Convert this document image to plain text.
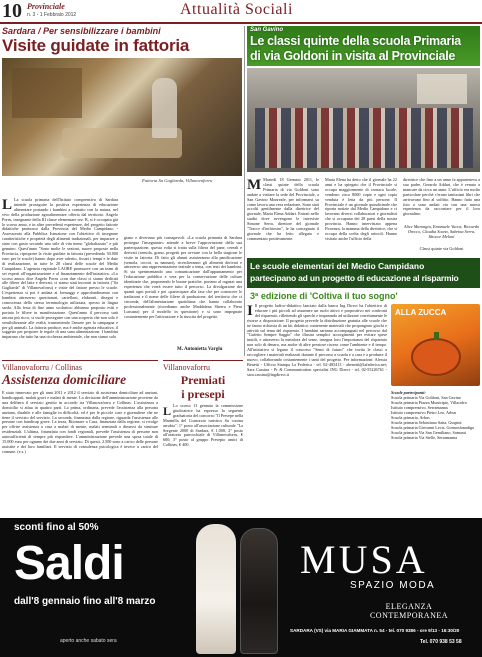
10 Provinciale
n. 3 - 1 Febbraio 2012	Attualità Sociali
Sardara / Per sensibilizzare i bambini
Visite guidate in fattoria
Fattoria Sa Gagliarda, Villanovaforru
L La scuola primaria dell'Istituto comprensivo di Sardara intende proseguire la positiva esperienza di educazione alimentare portando i bambini a contatto con la natura, nel vivo della produzione agroalimentare offerta dal territorio. Angelo Porru, insegnante della III classe elementare sez. B, si è occupato già lo scorso anno, e in altre precedenti esperienze, del progetto fattorie didattiche promosso dalla Provincia del Medio Campidano - Assessorato alla Pubblica Istruzione con l'obiettivo di insegnare caratteristiche e proprietà degli alimenti tradizionali, per imparare a stare con gusto secondo uno stile di vita meno "globalizzato" e più genuino. Quest'anno "Sono molte le sezioni, nuove proposte nella Provincia, riproporre la visite guidate in fattoria (prevedendo 30.000 euro per le scuole) hanno dopo aver aderito, fissati i tempi e le date di realizzazione, in tutte le 28 classi delle scuole del Medio Campidano. L'agenzia regionale LAORE promuove con un team di sei esperti all'organizzazione e al finanziamento dell'iniziativa. «Lo scorso anno» dice Angelo Porru «con due classi ci siamo dedicati alle filiere del latte e derivati, ci siamo stati incontri in fattoria ("Sa Gagliarda" di Villanovaforru) e visite del fattore presso le scuole. L'esperienza si poi è andata ai formaggi e approfondimento con bambini attraverso questionari, cartelloni, elaborati, disegni e conoscenza della stessa terminologia utilizzata, spesso in lingua sarda. Alla festa di fine anno scolastico abbiamo proposto esiti e portato le filiere in manifestazione. Quest'anno il percorso sarà ancora più ricco, si vuole proseguire con una scoperta che non solo è sensibilizzante alle realtà, trasmettendo l'amore per la campagna e per gli animali. La fattoria produce, ma è anche agenzia educativa, il soggetto per proporre le regole di una sana alimentazione. I bambini imparano che tutto ha una ricchezza ambientale, che non siamo solo
giano e divertano più consapevoli. «La scuola primaria di Sardara prosegue l'insegnante» attende a breve l'approvazione della sua partecipazione, questa volta si tratta sulla filiera del pane, cereali e derivati (semola, grano, progetti per avviare con la bella stagione le visite in fattoria. Di fatto gli alunni assisteranno alla panificazione (semola, coccoi, su nannari), ricercheranno gli alimenti derivati e attraverso una rappresentazione teatrale a tema, con testi dei bambini. Si sta sperimentando una comunicazione dall'appuntamento per l'educazione pubblica e vera per la conservazione delle culture identitarie che, proponendo le buone pratiche, portano al ragazzi una esperienza che vorrà essere tutto il percorso. La divulgazione dei quanti ogni portali e poi «partecipare alla fase che per conoscere le tradizioni e il nome delle filiere di produzione, del territorio che ci circonda, dell'alimentazione quotidiana che hanno collaborato professionalmente (ricordiamo anche Maddalena Sherru e Piera Lussuna) per il modello in questione) e si sono impegnate costantemente per l'attivazione e la riuscita del progetto.
M. Antonietta Varglu
San Gavino
Le classi quinte della scuola Primaria
di via Goldoni in visita al Provinciale
M Martedì 18 Gennaio 2011, le classi quinte della scuola Primaria di via Goldoni sono andate a visitare la sede del Provinciale, a San Gavino Monreale, per informarsi su come lavora una vera redazione. Sono stati accolti gentilmente dalla direttrice del giornale, Maria Elena Addari. Entrati nello studio dove avvengono le interviste Simone Serra, direttore del giornale "Tracce d'inchiostro", le ha consegnato il giornale che ha letto allegato e commentato positivamente.
Maria Elena ha detto che il giornale ha 22 anni e ha spiegato che il Provinciale si occupa maggiormente di cronaca locale, vendono circa 8000 copie e ogni copia venduta è letta da più persone. Il Provinciale è un giornale quindicinale che riporta notizie dal Medio Campidano e ci lavorano diversi collaboratori e giornalisti che si occupano dei 28 paesi della nostra provincia. Hanno intervistato appena Fiorenza, la mamma della direttrice, che si occupa della scelta degli articoli. Hanno visitato anche l'ufficio della
direttrice che fino a un anno fa apparteneva a suo padre, Gerardo Addari, che è venuto a mancare da circa un anno. L'ufficio era molto particolare perché c'erano tantissimi libri che arrivavano fino al soffitto. Hanno fatto una foto a sono andati via con una nuova esperienza da raccontare per il loro giornalino.
Alice Marongiu, Emanuele Vacca, Riccardo Orecco, Claudia Scano, Sabrina Serra, Ithocor Meloni
Classi quinte via Goldoni
Le scuole elementari del Medio Campidano
partecipano ad un progetto di educazione al risparmio
3ª edizione di 'Coltiva il tuo sogno'
I Il progetto ludico-didattico lanciato dalla banca Ing Direct ha l'obiettivo di educare i più piccoli ad assumere un ruolo attivo e propositivo nei confronti del risparmio, riflettendo gli sprechi e imparando ad utilizzare correttamente le risorse a disposizione. Il progetto prevede la distribuzione gratuita alle scuole che ne fanno richiesta di un kit didattico contenente materiali che propongono giochi e attività sul tema del risparmio. I bambini saranno accompagnati nel percorso dal "Gufetto Sempre Saggio" che illustra semplici accorgimenti per evitare spese inutili, e attraverso la metafora del seme, insegna loro l'importanza del risparmio non solo di denaro, ma anche di altre preziose risorse come l'ambiente e il tempo. All'iniziativa si legano il concorso "Semi di futuro" che invita le classi a raccogliere i materiali realizzati durante il percorso a scuola e a casa e a produrre il nuovo, collaborando costantemente i tanti del progetto. Per informazioni: Alessia Benetti - Ufficio Stampa La Federica - tel. 02-485413 - abenetti@lafederica.net; Sara Cassina - Pr & Communication specialist ING Direct - tel. 02-55226761 - sara.cassina@ingdirect.it
ALLA ZUCCA
Scuole partecipanti:
Scuola primaria Via Goldoni, San Gavino
Scuola primaria Piazza Municipio, Villacidro
Istituto comprensivo, Serramanna
Istituto comprensivo Pietro Leo, Arbus
Scuola primaria, Arbus
Scuola primaria Sebastiano Satta, Guspini
Scuola primaria Giovanni Lecis, Gonnosfanadiga
Scuola primaria Via San Gemiliano, Samassi
Scuola primaria Via Stelle, Serramanna
Villanovaforru / Collinas
Assistenza domiciliare
È stato rinnovato per gli anni 2011 e 2012 il servizio di assistenza domiciliare ad anziani, handicappati, malati gravi e malati di mente. La decisione dell'amministrazione proviene da una delibera il servizio gestito in accordo tra Villanovaforru e Collinas. L'assistenza a domicilio si attua in quattro parti. La prima, ordinaria, prevede l'assistenza alla persona anziana, disabile e alle famiglie in difficoltà, ed è per le piccole cose e giornaliere che ne tiene il servizio del servizio. La seconda, finanziata dalla regione, riguarda l'assistenza alle persone con handicap grave. La terza, Ritornare a Casa, finanziata dalla regione, si rivolge per offrire assistenza a casa a malati di mente, malati terminali o dimessi da strutture residenziali. L'ultima, finanziata con fondi regionali, prevede l'assistenza di persone non autosufficienti di sempre più rispondere. L'amministrazione prevede una spesa totale di 15.000 euro per ognuno dei due anni di servizio. Di questi, 2.500 sono a carico delle persone assistite e dei loro familiari. Il servizio di consulenza psicologica è invece a carico del comune. (e.s.)
Villanovaforru
Premiati
i presepi
L Lo scorso 13 gennaio la commissione giudicatrice ha espresso la seguente graduatoria del concorso "Il Presepe nella Marmilla del Consorzio turistico Su corona arrubia": 1° posto all'associazione culturale "La Sorgente 2000 di Sardara, € 1.000; 2° posto all'oratorio parrocchiale di Villanovaforru, € 600; 3° posto al gruppo Presepio amici di Collinas, € 400.
sconti fino al 50%
Saldi
dall'8 gennaio fino all'8 marzo
aperto anche sabato sera
MUSA
SPAZIO MODA
ELEGANZA CONTEMPORANEA
SARDARA (VS) via MARIA GIAMMATA n. 54 - tel. 070 9386 - ore 9/13 - 16:30/20
Tel. 070 938 53 58
